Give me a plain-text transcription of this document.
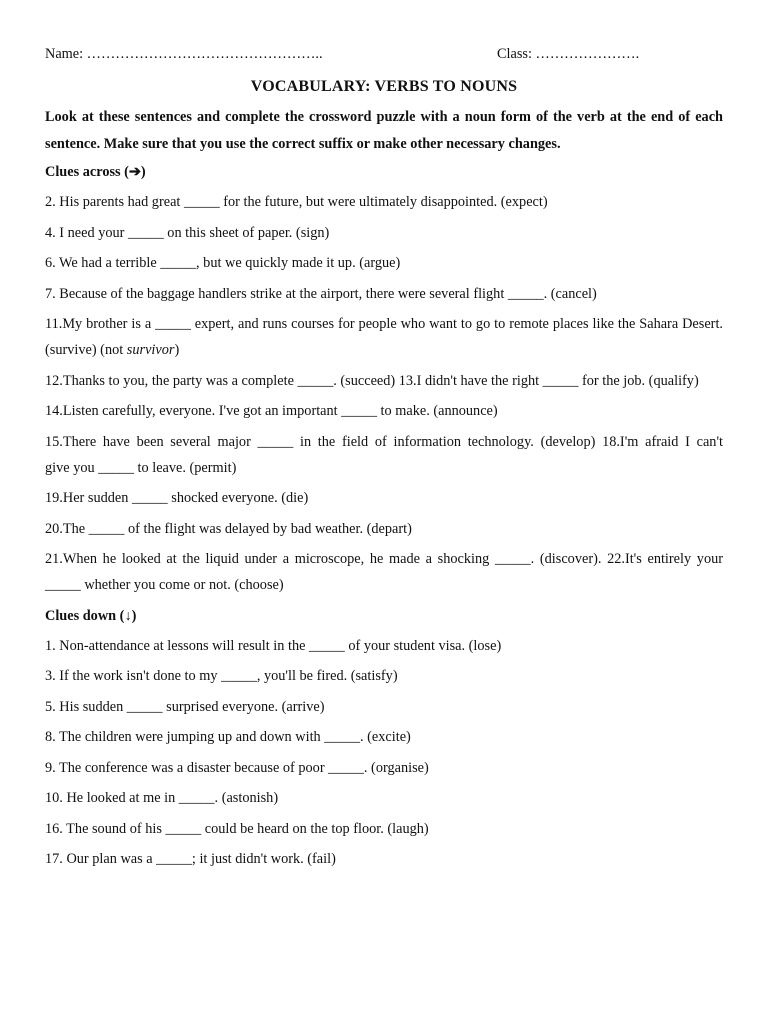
Name: …………………………………………..	Class: ………………….
VOCABULARY: VERBS TO NOUNS

Look at these sentences and complete the crossword puzzle with a noun form of the verb at the end of each sentence. Make sure that you use the correct suffix or make other necessary changes.

Clues across (➔)

2. His parents had great _____ for the future, but were ultimately disappointed. (expect)

4. I need your _____ on this sheet of paper. (sign)

6. We had a terrible _____, but we quickly made it up. (argue)

7. Because of the baggage handlers strike at the airport, there were several flight _____. (cancel)

11.My brother is a _____ expert, and runs courses for people who want to go to remote places like the Sahara Desert. (survive) (not survivor)

12.Thanks to you, the party was a complete _____. (succeed) 13.I didn't have the right _____ for the job. (qualify)

14.Listen carefully, everyone. I've got an important _____ to make. (announce)

15.There have been several major _____ in the field of information technology. (develop) 18.I'm afraid I can't
give you _____ to leave. (permit)

19.Her sudden _____ shocked everyone. (die)

20.The _____ of the flight was delayed by bad weather. (depart)

21.When he looked at the liquid under a microscope, he made a shocking _____. (discover). 22.It's entirely your
_____ whether you come or not. (choose)

Clues down (↓)

1. Non-attendance at lessons will result in the _____ of your student visa. (lose)

3. If the work isn't done to my _____, you'll be fired. (satisfy)

5. His sudden _____ surprised everyone. (arrive)

8. The children were jumping up and down with _____. (excite)

9. The conference was a disaster because of poor _____. (organise)

10. He looked at me in _____. (astonish)

16. The sound of his _____ could be heard on the top floor. (laugh)

17. Our plan was a _____; it just didn't work. (fail)
